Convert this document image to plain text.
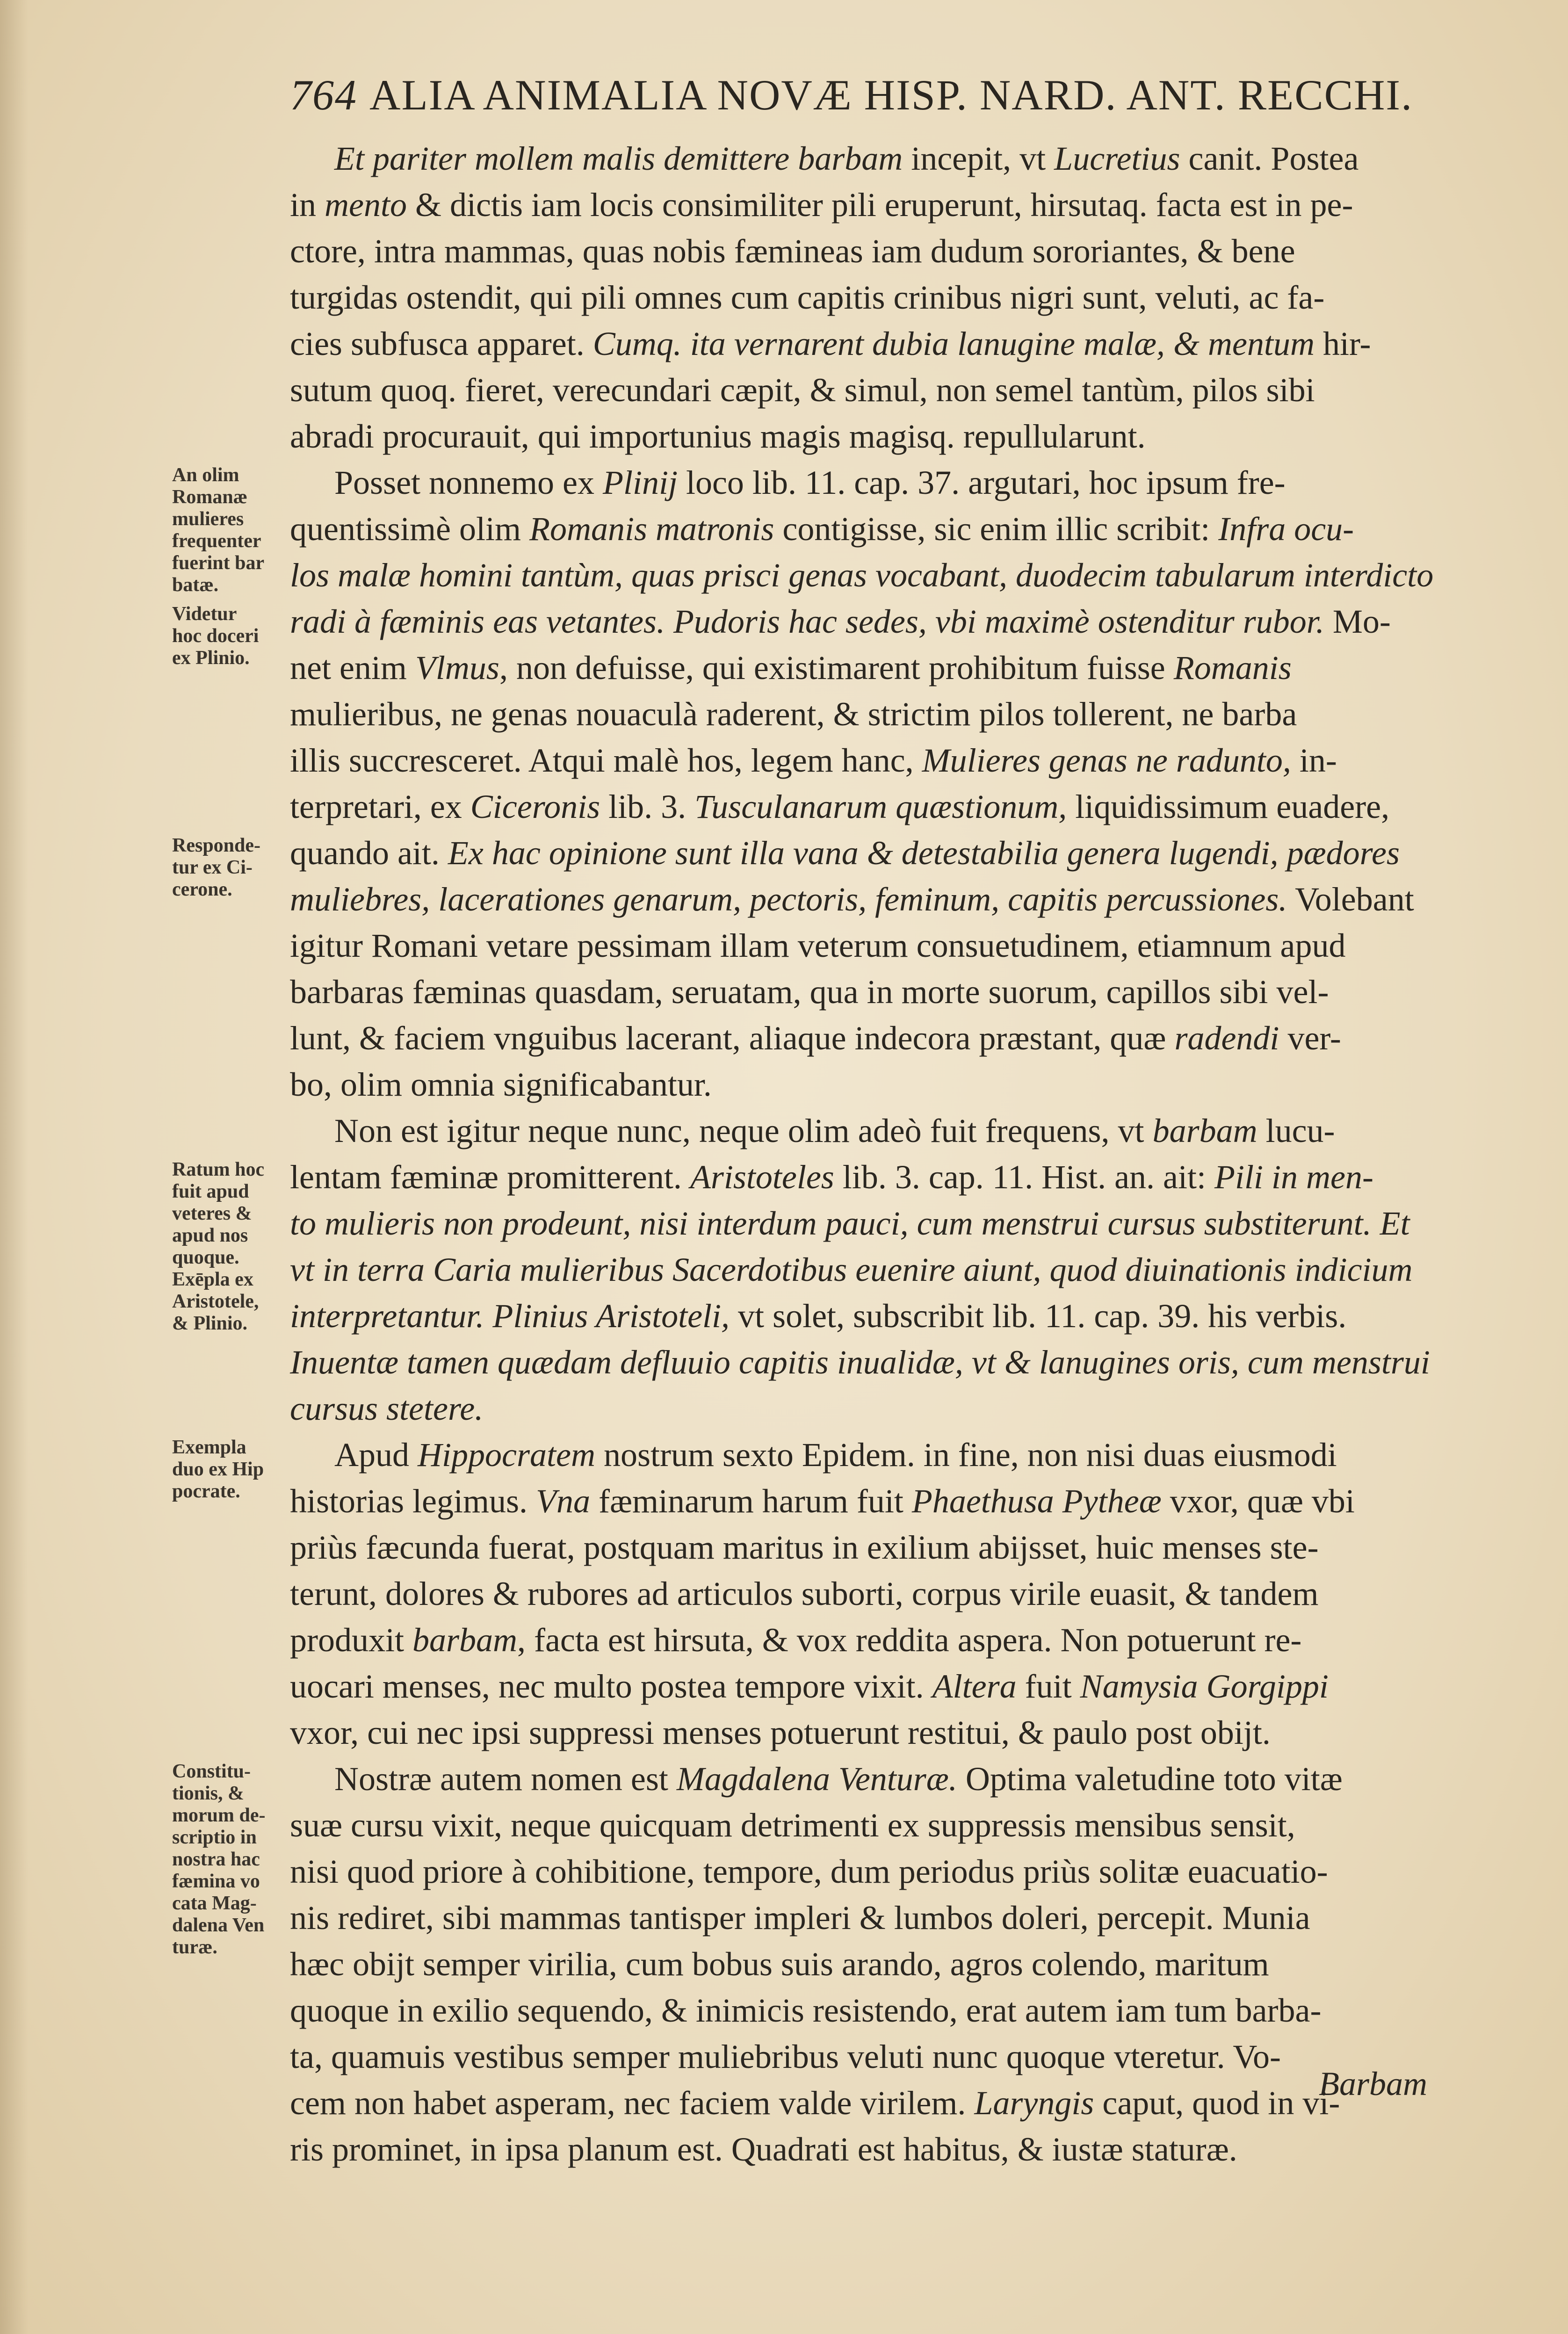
764 ALIA ANIMALIA NOVÆ HISP. NARD. ANT. RECCHI.
Et pariter mollem malis demittere barbam incepit, vt Lucretius canit. Postea
in mento & dictis iam locis consimiliter pili eruperunt, hirsutaq. facta est in pe-
ctore, intra mammas, quas nobis fæmineas iam dudum sororiantes, & bene
turgidas ostendit, qui pili omnes cum capitis crinibus nigri sunt, veluti, ac fa-
cies subfusca apparet. Cumq. ita vernarent dubia lanugine malæ, & mentum hir-
sutum quoq. fieret, verecundari cæpit, & simul, non semel tantùm, pilos sibi
abradi procurauit, qui importunius magis magisq. repullularunt.
Posset nonnemo ex Plinij loco lib. 11. cap. 37. argutari, hoc ipsum fre-
quentissimè olim Romanis matronis contigisse, sic enim illic scribit: Infra ocu-
los malæ homini tantùm, quas prisci genas vocabant, duodecim tabularum interdicto
radi à fæminis eas vetantes. Pudoris hac sedes, vbi maximè ostenditur rubor. Mo-
net enim Vlmus, non defuisse, qui existimarent prohibitum fuisse Romanis
mulieribus, ne genas nouaculà raderent, & strictim pilos tollerent, ne barba
illis succresceret. Atqui malè hos, legem hanc, Mulieres genas ne radunto, in-
terpretari, ex Ciceronis lib. 3. Tusculanarum quæstionum, liquidissimum euadere,
quando ait. Ex hac opinione sunt illa vana & detestabilia genera lugendi, pædores
muliebres, lacerationes genarum, pectoris, feminum, capitis percussiones. Volebant
igitur Romani vetare pessimam illam veterum consuetudinem, etiamnum apud
barbaras fæminas quasdam, seruatam, qua in morte suorum, capillos sibi vel-
lunt, & faciem vnguibus lacerant, aliaque indecora præstant, quæ radendi ver-
bo, olim omnia significabantur.
Non est igitur neque nunc, neque olim adeò fuit frequens, vt barbam lucu-
lentam fæminæ promitterent. Aristoteles lib. 3. cap. 11. Hist. an. ait: Pili in men-
to mulieris non prodeunt, nisi interdum pauci, cum menstrui cursus substiterunt. Et
vt in terra Caria mulieribus Sacerdotibus euenire aiunt, quod diuinationis indicium
interpretantur. Plinius Aristoteli, vt solet, subscribit lib. 11. cap. 39. his verbis.
Inuentæ tamen quædam defluuio capitis inualidæ, vt & lanugines oris, cum menstrui
cursus stetere.
Apud Hippocratem nostrum sexto Epidem. in fine, non nisi duas eiusmodi
historias legimus. Vna fæminarum harum fuit Phaethusa Pytheæ vxor, quæ vbi
priùs fæcunda fuerat, postquam maritus in exilium abijsset, huic menses ste-
terunt, dolores & rubores ad articulos suborti, corpus virile euasit, & tandem
produxit barbam, facta est hirsuta, & vox reddita aspera. Non potuerunt re-
uocari menses, nec multo postea tempore vixit. Altera fuit Namysia Gorgippi
vxor, cui nec ipsi suppressi menses potuerunt restitui, & paulo post obijt.
Nostræ autem nomen est Magdalena Venturæ. Optima valetudine toto vitæ
suæ cursu vixit, neque quicquam detrimenti ex suppressis mensibus sensit,
nisi quod priore à cohibitione, tempore, dum periodus priùs solitæ euacuatio-
nis rediret, sibi mammas tantisper impleri & lumbos doleri, percepit. Munia
hæc obijt semper virilia, cum bobus suis arando, agros colendo, maritum
quoque in exilio sequendo, & inimicis resistendo, erat autem iam tum barba-
ta, quamuis vestibus semper muliebribus veluti nunc quoque vteretur. Vo-
cem non habet asperam, nec faciem valde virilem. Laryngis caput, quod in vi-
ris prominet, in ipsa planum est. Quadrati est habitus, & iustæ staturæ.
An olim
Romanæ
mulieres
frequenter
fuerint bar
batæ.
Videtur
hoc doceri
ex Plinio.
Responde-
tur ex Ci-
cerone.
Ratum hoc
fuit apud
veteres &
apud nos
quoque.
Exēpla ex
Aristotele,
& Plinio.
Exempla
duo ex Hip
pocrate.
Constitu-
tionis, &
morum de-
scriptio in
nostra hac
fæmina vo
cata Mag-
dalena Ven
turæ.
Barbam
